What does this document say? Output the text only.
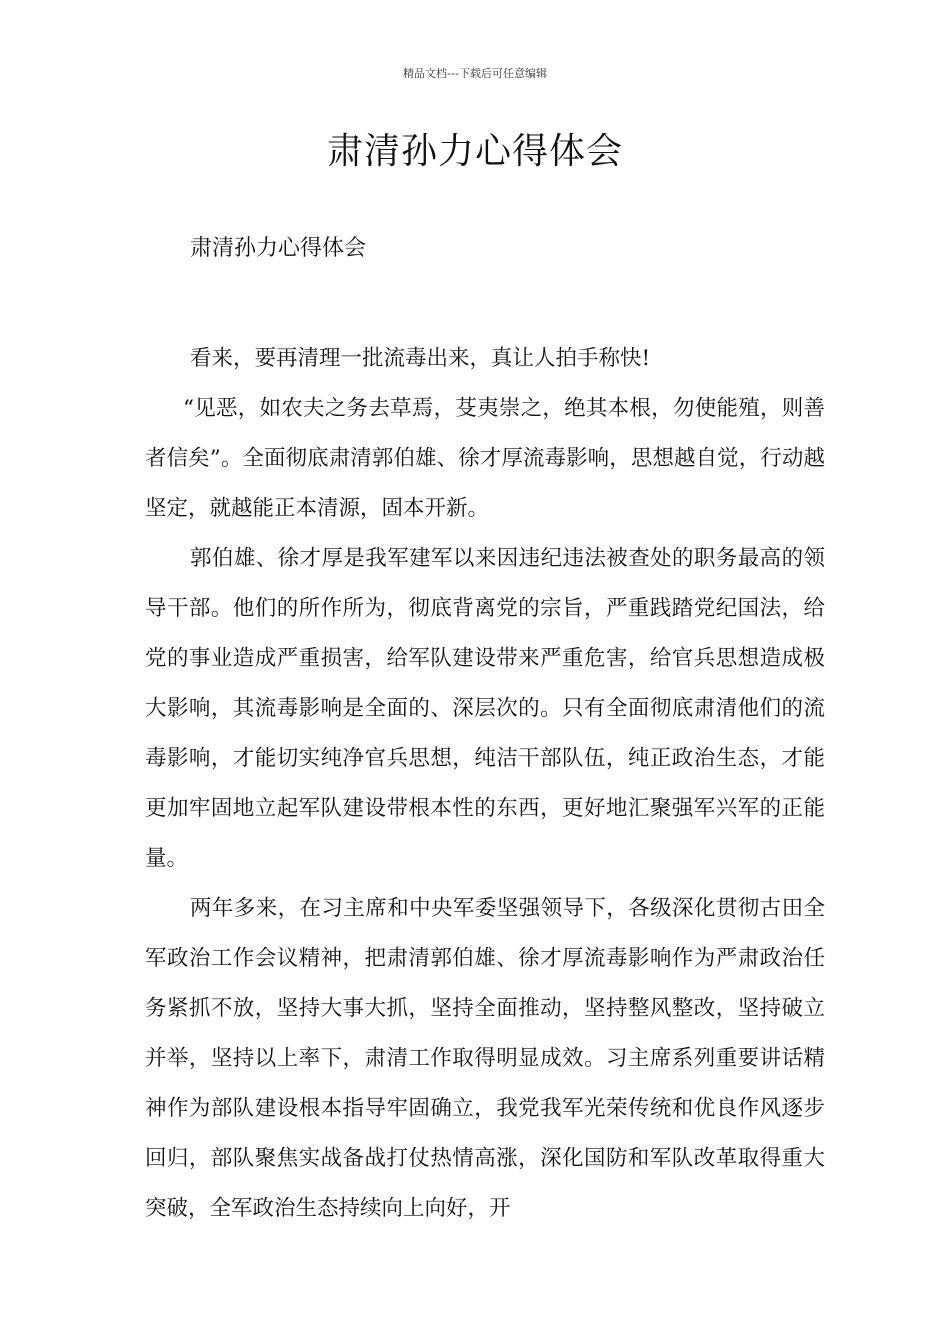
精品文档---下载后可任意编辑
肃清孙力心得体会
肃清孙力心得体会

看来，要再清理一批流毒出来，真让人拍手称快!

“见恶，如农夫之务去草焉，芟夷崇之，绝其本根，勿使能殖，则善者信矣”。全面彻底肃清郭伯雄、徐才厚流毒影响，思想越自觉，行动越坚定，就越能正本清源，固本开新。

郭伯雄、徐才厚是我军建军以来因违纪违法被查处的职务最高的领导干部。他们的所作所为，彻底背离党的宗旨，严重践踏党纪国法，给党的事业造成严重损害，给军队建设带来严重危害，给官兵思想造成极大影响，其流毒影响是全面的、深层次的。只有全面彻底肃清他们的流毒影响，才能切实纯净官兵思想，纯洁干部队伍，纯正政治生态，才能更加牢固地立起军队建设带根本性的东西，更好地汇聚强军兴军的正能量。

两年多来，在习主席和中央军委坚强领导下，各级深化贯彻古田全军政治工作会议精神，把肃清郭伯雄、徐才厚流毒影响作为严肃政治任务紧抓不放，坚持大事大抓，坚持全面推动，坚持整风整改，坚持破立并举，坚持以上率下，肃清工作取得明显成效。习主席系列重要讲话精神作为部队建设根本指导牢固确立，我党我军光荣传统和优良作风逐步回归，部队聚焦实战备战打仗热情高涨，深化国防和军队改革取得重大突破，全军政治生态持续向上向好，开
